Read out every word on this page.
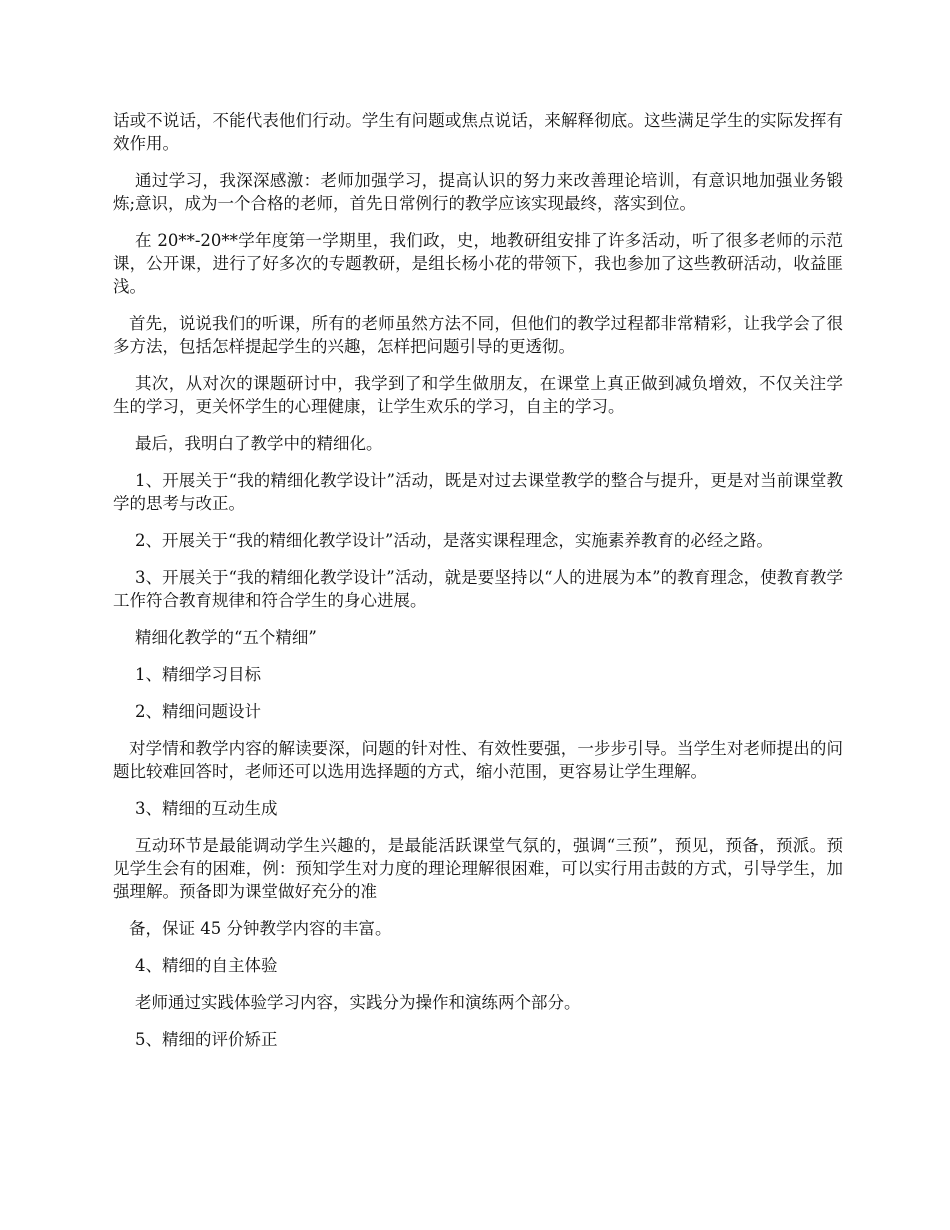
话或不说话，不能代表他们行动。学生有问题或焦点说话，来解释彻底。这些满足学生的实际发挥有效作用。

通过学习，我深深感激：老师加强学习，提高认识的努力来改善理论培训，有意识地加强业务锻炼;意识，成为一个合格的老师，首先日常例行的教学应该实现最终，落实到位。

在 20**-20**学年度第一学期里，我们政，史，地教研组安排了许多活动，听了很多老师的示范课，公开课，进行了好多次的专题教研，是组长杨小花的带领下，我也参加了这些教研活动，收益匪浅。

首先，说说我们的听课，所有的老师虽然方法不同，但他们的教学过程都非常精彩，让我学会了很多方法，包括怎样提起学生的兴趣，怎样把问题引导的更透彻。

其次，从对次的课题研讨中，我学到了和学生做朋友，在课堂上真正做到减负增效，不仅关注学生的学习，更关怀学生的心理健康，让学生欢乐的学习，自主的学习。

最后，我明白了教学中的精细化。

1、开展关于“我的精细化教学设计”活动，既是对过去课堂教学的整合与提升，更是对当前课堂教学的思考与改正。

2、开展关于“我的精细化教学设计”活动，是落实课程理念，实施素养教育的必经之路。

3、开展关于“我的精细化教学设计”活动，就是要坚持以“人的进展为本”的教育理念，使教育教学工作符合教育规律和符合学生的身心进展。

精细化教学的“五个精细”

1、精细学习目标

2、精细问题设计

对学情和教学内容的解读要深，问题的针对性、有效性要强，一步步引导。当学生对老师提出的问题比较难回答时，老师还可以选用选择题的方式，缩小范围，更容易让学生理解。

3、精细的互动生成

互动环节是最能调动学生兴趣的，是最能活跃课堂气氛的，强调“三预”，预见，预备，预派。预见学生会有的困难，例：预知学生对力度的理论理解很困难，可以实行用击鼓的方式，引导学生，加强理解。预备即为课堂做好充分的准

备，保证 45 分钟教学内容的丰富。

4、精细的自主体验

老师通过实践体验学习内容，实践分为操作和演练两个部分。

5、精细的评价矫正
